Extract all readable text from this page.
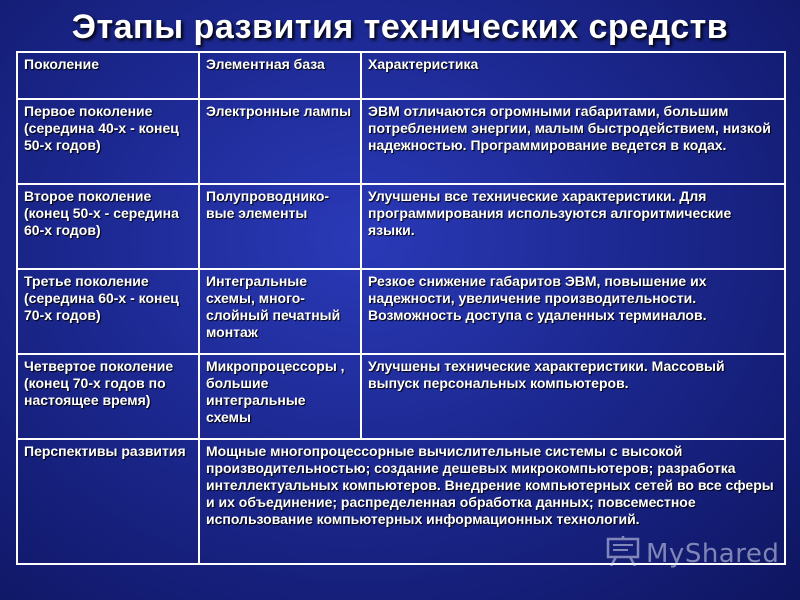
Этапы развития технических средств
Поколение	Элементная база	Характеристика
Первое поколение (середина 40-х - конец 50-х годов)	Электронные лампы	ЭВМ отличаются огромными габаритами, большим потреблением энергии, малым быстродействием, низкой надежностью. Программирование ведется в кодах.
Второе поколение (конец 50-х - середина 60-х годов)	Полупроводнико-вые элементы	Улучшены все технические характеристики. Для программирования используются алгоритмические языки.
Третье поколение (середина 60-х - конец 70-х годов)	Интегральные схемы, много-слойный печатный монтаж	Резкое снижение габаритов ЭВМ, повышение их надежности, увеличение производительности. Возможность доступа с удаленных терминалов.
Четвертое поколение (конец 70-х годов по настоящее время)	Микропроцессоры , большие интегральные схемы	Улучшены технические характеристики. Массовый выпуск персональных компьютеров.
Перспективы развития	Мощные многопроцессорные вычислительные системы с высокой производительностью; создание дешевых микрокомпьютеров; разработка интеллектуальных компьютеров. Внедрение компьютерных сетей во все сферы и их объединение; распределенная обработка данных; повсеместное использование компьютерных информационных технологий.	
MyShared
